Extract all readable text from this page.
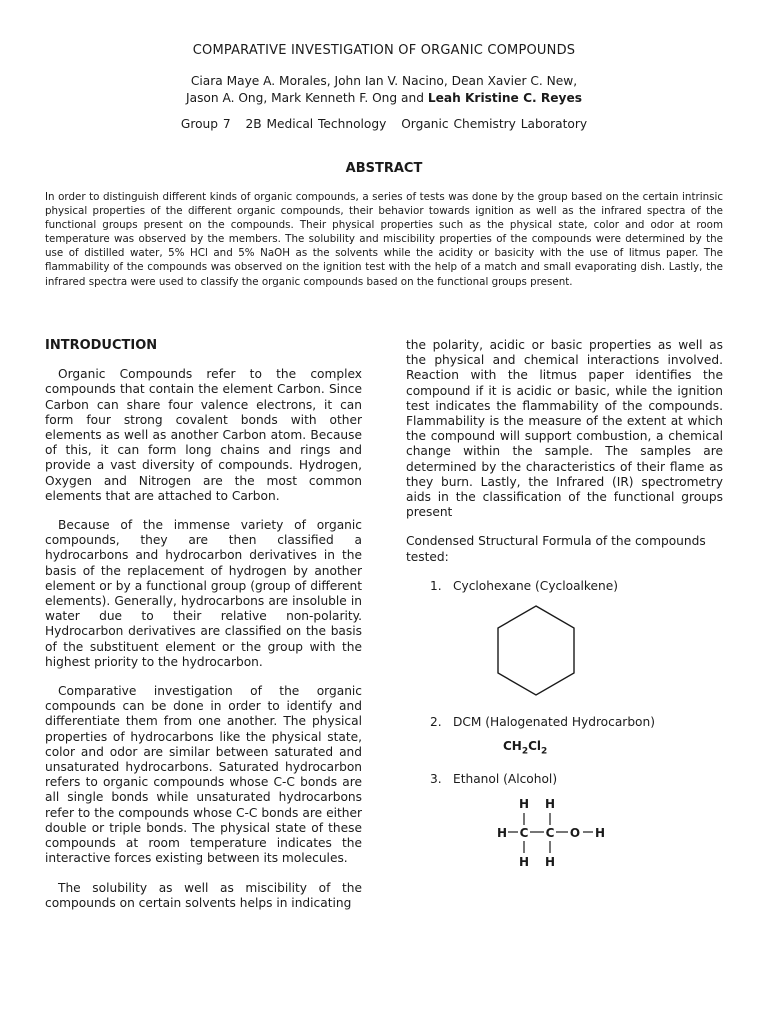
COMPARATIVE INVESTIGATION OF ORGANIC COMPOUNDS
Ciara Maye A. Morales, John Ian V. Nacino, Dean Xavier C. New,
Jason A. Ong, Mark Kenneth F. Ong and Leah Kristine C. Reyes
Group 7 2B Medical Technology Organic Chemistry Laboratory
ABSTRACT

In order to distinguish different kinds of organic compounds, a series of tests was done by the group based on the certain intrinsic physical properties of the different organic compounds, their behavior towards ignition as well as the infrared spectra of the functional groups present on the compounds. Their physical properties such as the physical state, color and odor at room temperature was observed by the members. The solubility and miscibility properties of the compounds were determined by the use of distilled water, 5% HCl and 5% NaOH as the solvents while the acidity or basicity with the use of litmus paper. The flammability of the compounds was observed on the ignition test with the help of a match and small evaporating dish. Lastly, the infrared spectra were used to classify the organic compounds based on the functional groups present.

INTRODUCTION

Organic Compounds refer to the complex compounds that contain the element Carbon. Since Carbon can share four valence electrons, it can form four strong covalent bonds with other elements as well as another Carbon atom. Because of this, it can form long chains and rings and provide a vast diversity of compounds. Hydrogen, Oxygen and Nitrogen are the most common elements that are attached to Carbon.

Because of the immense variety of organic compounds, they are then classified a hydrocarbons and hydrocarbon derivatives in the basis of the replacement of hydrogen by another element or by a functional group (group of different elements). Generally, hydrocarbons are insoluble in water due to their relative non-polarity. Hydrocarbon derivatives are classified on the basis of the substituent element or the group with the highest priority to the hydrocarbon.

Comparative investigation of the organic compounds can be done in order to identify and differentiate them from one another. The physical properties of hydrocarbons like the physical state, color and odor are similar between saturated and unsaturated hydrocarbons. Saturated hydrocarbon refers to organic compounds whose C-C bonds are all single bonds while unsaturated hydrocarbons refer to the compounds whose C-C bonds are either double or triple bonds. The physical state of these compounds at room temperature indicates the interactive forces existing between its molecules.

The solubility as well as miscibility of the compounds on certain solvents helps in indicating

the polarity, acidic or basic properties as well as the physical and chemical interactions involved. Reaction with the litmus paper identifies the compound if it is acidic or basic, while the ignition test indicates the flammability of the compounds. Flammability is the measure of the extent at which the compound will support combustion, a chemical change within the sample. The samples are determined by the characteristics of their flame as they burn. Lastly, the Infrared (IR) spectrometry aids in the classification of the functional groups present

Condensed Structural Formula of the compounds tested:

1. Cyclohexane (Cycloalkene)
2. DCM (Halogenated Hydrocarbon)
$CH_2Cl_2$
3. Ethanol (Alcohol)
H H
H C C O H
H H
